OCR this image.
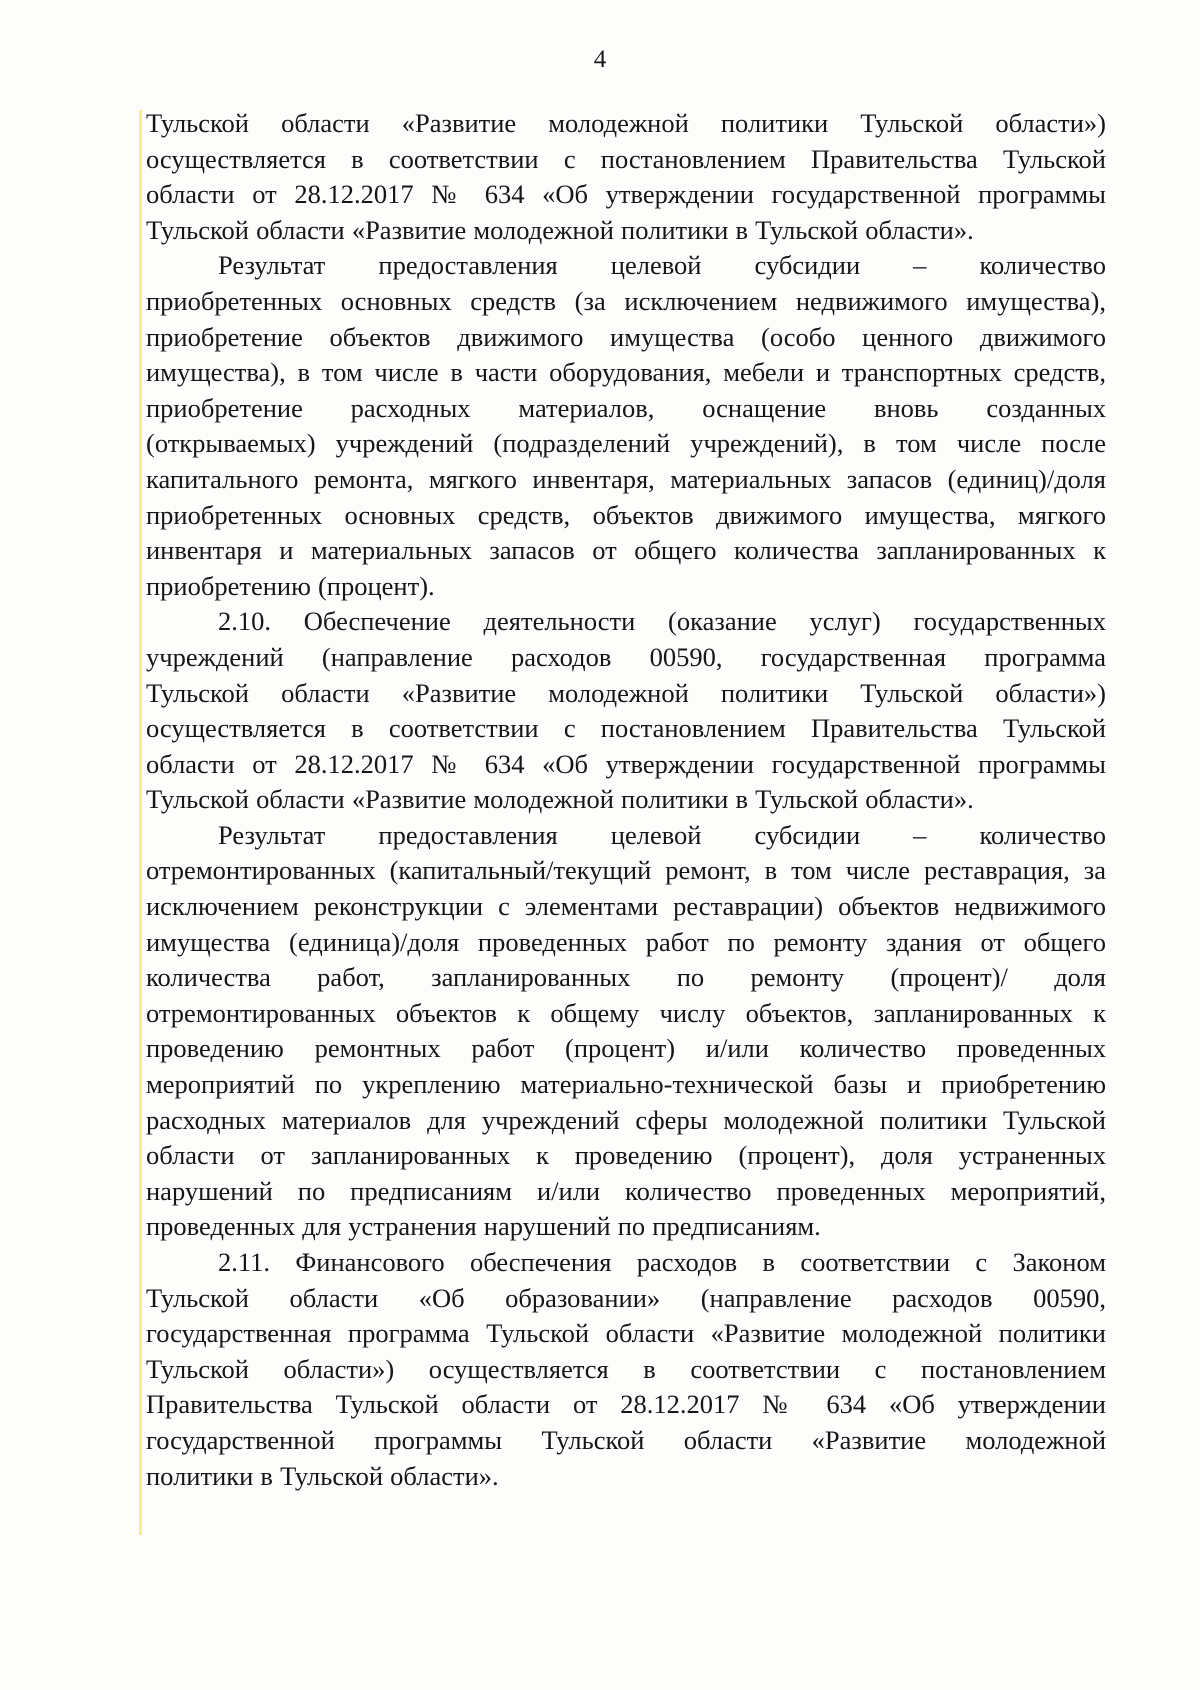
4
Тульской области «Развитие молодежной политики Тульской области»)
осуществляется в соответствии с постановлением Правительства Тульской
области от 28.12.2017 № 634 «Об утверждении государственной программы
Тульской области «Развитие молодежной политики в Тульской области».
Результат предоставления целевой субсидии – количество
приобретенных основных средств (за исключением недвижимого имущества),
приобретение объектов движимого имущества (особо ценного движимого
имущества), в том числе в части оборудования, мебели и транспортных средств,
приобретение расходных материалов, оснащение вновь созданных
(открываемых) учреждений (подразделений учреждений), в том числе после
капитального ремонта, мягкого инвентаря, материальных запасов (единиц)/доля
приобретенных основных средств, объектов движимого имущества, мягкого
инвентаря и материальных запасов от общего количества запланированных к
приобретению (процент).
2.10. Обеспечение деятельности (оказание услуг) государственных
учреждений (направление расходов 00590, государственная программа
Тульской области «Развитие молодежной политики Тульской области»)
осуществляется в соответствии с постановлением Правительства Тульской
области от 28.12.2017 № 634 «Об утверждении государственной программы
Тульской области «Развитие молодежной политики в Тульской области».
Результат предоставления целевой субсидии – количество
отремонтированных (капитальный/текущий ремонт, в том числе реставрация, за
исключением реконструкции с элементами реставрации) объектов недвижимого
имущества (единица)/доля проведенных работ по ремонту здания от общего
количества работ, запланированных по ремонту (процент)/ доля
отремонтированных объектов к общему числу объектов, запланированных к
проведению ремонтных работ (процент) и/или количество проведенных
мероприятий по укреплению материально-технической базы и приобретению
расходных материалов для учреждений сферы молодежной политики Тульской
области от запланированных к проведению (процент), доля устраненных
нарушений по предписаниям и/или количество проведенных мероприятий,
проведенных для устранения нарушений по предписаниям.
2.11. Финансового обеспечения расходов в соответствии с Законом
Тульской области «Об образовании» (направление расходов 00590,
государственная программа Тульской области «Развитие молодежной политики
Тульской области») осуществляется в соответствии с постановлением
Правительства Тульской области от 28.12.2017 № 634 «Об утверждении
государственной программы Тульской области «Развитие молодежной
политики в Тульской области».
